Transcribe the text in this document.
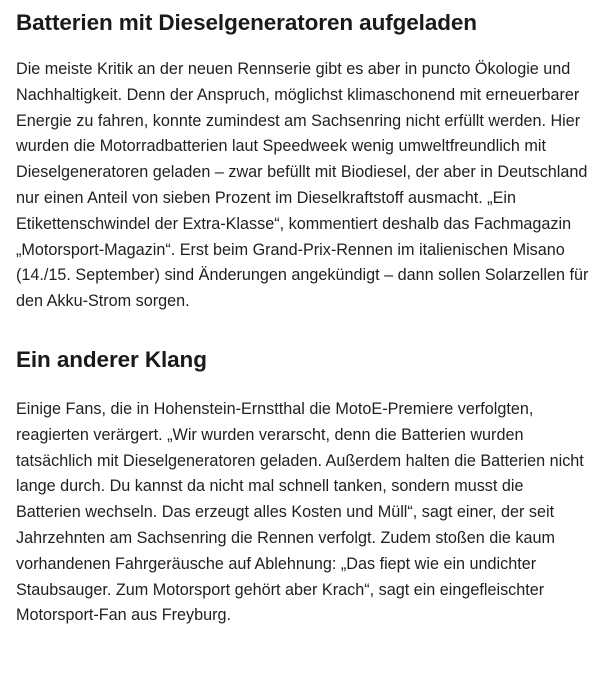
Batterien mit Dieselgeneratoren aufgeladen

Die meiste Kritik an der neuen Rennserie gibt es aber in puncto Ökologie und Nachhaltigkeit. Denn der Anspruch, möglichst klimaschonend mit erneuerbarer Energie zu fahren, konnte zumindest am Sachsenring nicht erfüllt werden. Hier wurden die Motorradbatterien laut Speedweek wenig umweltfreundlich mit Dieselgeneratoren geladen – zwar befüllt mit Biodiesel, der aber in Deutschland nur einen Anteil von sieben Prozent im Dieselkraftstoff ausmacht. „Ein Etikettenschwindel der Extra-Klasse“, kommentiert deshalb das Fachmagazin „Motorsport-Magazin“. Erst beim Grand-Prix-Rennen im italienischen Misano (14./15. September) sind Änderungen angekündigt – dann sollen Solarzellen für den Akku-Strom sorgen.

Ein anderer Klang

Einige Fans, die in Hohenstein-Ernstthal die MotoE-Premiere verfolgten, reagierten verärgert. „Wir wurden verarscht, denn die Batterien wurden tatsächlich mit Dieselgeneratoren geladen. Außerdem halten die Batterien nicht lange durch. Du kannst da nicht mal schnell tanken, sondern musst die Batterien wechseln. Das erzeugt alles Kosten und Müll“, sagt einer, der seit Jahrzehnten am Sachsenring die Rennen verfolgt. Zudem stoßen die kaum vorhandenen Fahrgeräusche auf Ablehnung: „Das fiept wie ein undichter Staubsauger. Zum Motorsport gehört aber Krach“, sagt ein eingefleischter Motorsport-Fan aus Freyburg.
